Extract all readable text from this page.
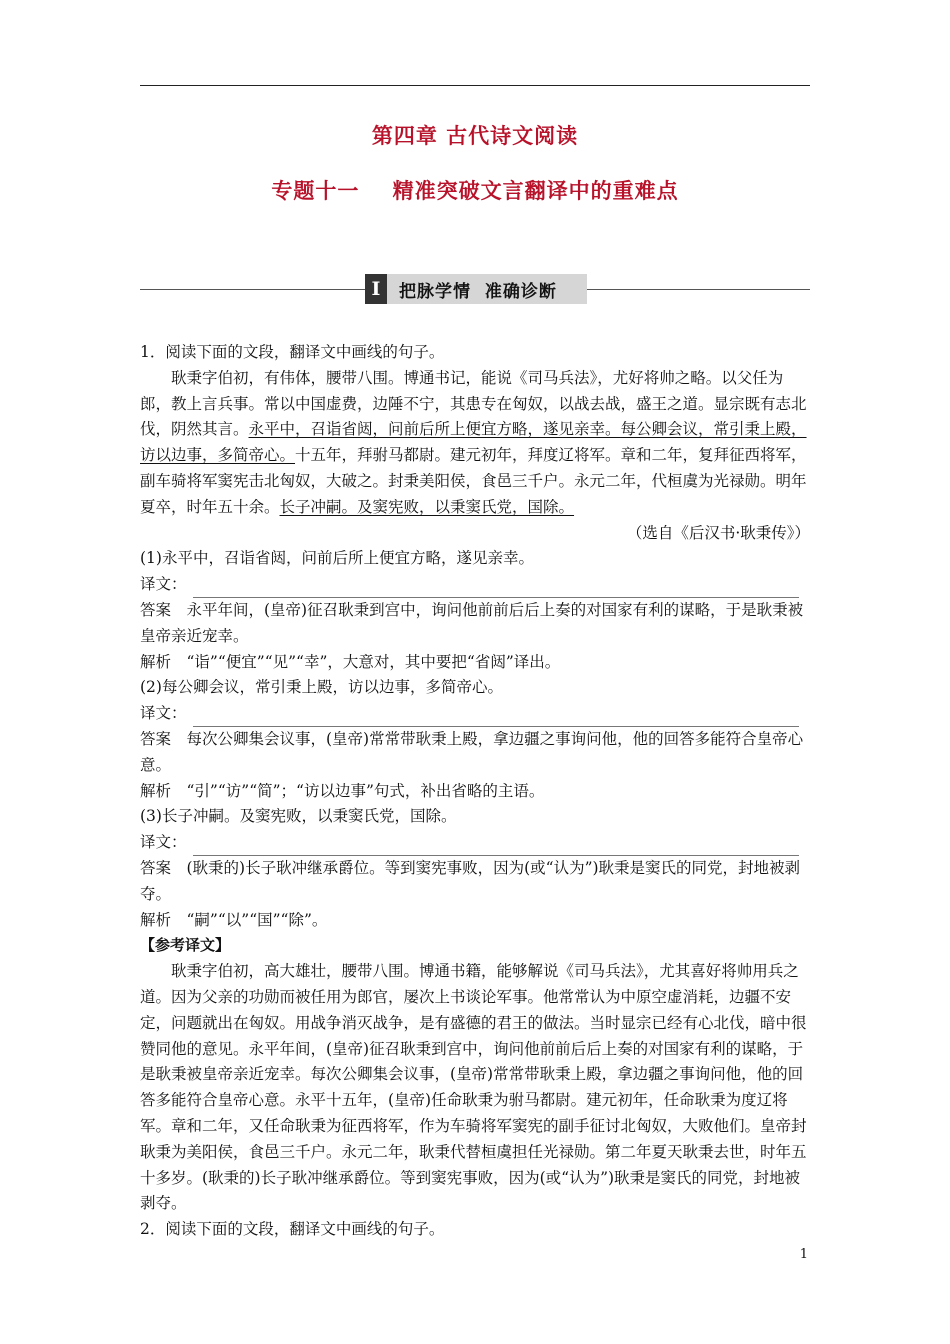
第四章 古代诗文阅读
专题十一    精准突破文言翻译中的重难点
I	把脉学情  准确诊断

1．阅读下面的文段，翻译文中画线的句子。

耿秉字伯初，有伟体，腰带八围。博通书记，能说《司马兵法》，尤好将帅之略。以父任为郎，教上言兵事。常以中国虚费，边陲不宁，其患专在匈奴，以战去战，盛王之道。显宗既有志北伐，阴然其言。永平中，召诣省闼，问前后所上便宜方略，遂见亲幸。每公卿会议，常引秉上殿，访以边事，多简帝心。十五年，拜驸马都尉。建元初年，拜度辽将军。章和二年，复拜征西将军，副车骑将军窦宪击北匈奴，大破之。封秉美阳侯，食邑三千户。永元二年，代桓虞为光禄勋。明年夏卒，时年五十余。长子冲嗣。及窦宪败，以秉窦氏党，国除。

（选自《后汉书·耿秉传》）

(1)永平中，召诣省闼，问前后所上便宜方略，遂见亲幸。

译文：

答案　永平年间，(皇帝)征召耿秉到宫中，询问他前前后后上奏的对国家有利的谋略，于是耿秉被皇帝亲近宠幸。

解析　“诣”“便宜”“见”“幸”，大意对，其中要把“省闼”译出。

(2)每公卿会议，常引秉上殿，访以边事，多简帝心。

译文：

答案　每次公卿集会议事，(皇帝)常常带耿秉上殿，拿边疆之事询问他，他的回答多能符合皇帝心意。

解析　“引”“访”“简”；“访以边事”句式，补出省略的主语。

(3)长子冲嗣。及窦宪败，以秉窦氏党，国除。

译文：

答案　(耿秉的)长子耿冲继承爵位。等到窦宪事败，因为(或“认为”)耿秉是窦氏的同党，封地被剥夺。

解析　“嗣”“以”“国”“除”。

【参考译文】

耿秉字伯初，高大雄壮，腰带八围。博通书籍，能够解说《司马兵法》，尤其喜好将帅用兵之道。因为父亲的功勋而被任用为郎官，屡次上书谈论军事。他常常认为中原空虚消耗，边疆不安定，问题就出在匈奴。用战争消灭战争，是有盛德的君王的做法。当时显宗已经有心北伐，暗中很赞同他的意见。永平年间，(皇帝)征召耿秉到宫中，询问他前前后后上奏的对国家有利的谋略，于是耿秉被皇帝亲近宠幸。每次公卿集会议事，(皇帝)常常带耿秉上殿，拿边疆之事询问他，他的回答多能符合皇帝心意。永平十五年，(皇帝)任命耿秉为驸马都尉。建元初年，任命耿秉为度辽将军。章和二年，又任命耿秉为征西将军，作为车骑将军窦宪的副手征讨北匈奴，大败他们。皇帝封耿秉为美阳侯，食邑三千户。永元二年，耿秉代替桓虞担任光禄勋。第二年夏天耿秉去世，时年五十多岁。(耿秉的)长子耿冲继承爵位。等到窦宪事败，因为(或“认为”)耿秉是窦氏的同党，封地被剥夺。

2．阅读下面的文段，翻译文中画线的句子。

1
